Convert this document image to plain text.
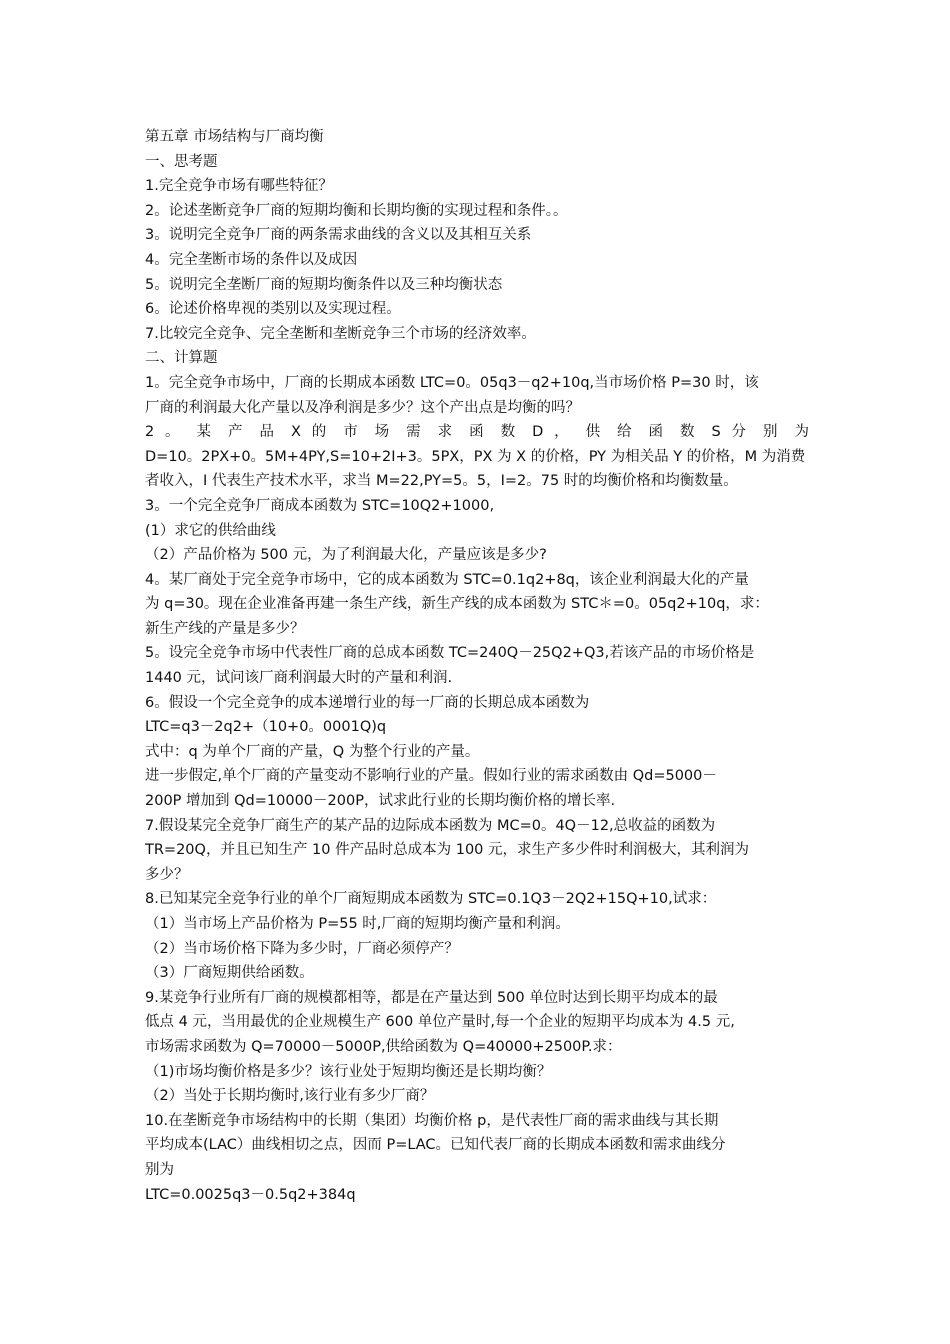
第五章 市场结构与厂商均衡
一、思考题
1.完全竞争市场有哪些特征？
2。论述垄断竞争厂商的短期均衡和长期均衡的实现过程和条件。。
3。说明完全竞争厂商的两条需求曲线的含义以及其相互关系
4。完全垄断市场的条件以及成因
5。说明完全垄断厂商的短期均衡条件以及三种均衡状态
6。论述价格卑视的类别以及实现过程。
7.比较完全竞争、完全垄断和垄断竞争三个市场的经济效率。
二、计算题
1。完全竞争市场中，厂商的长期成本函数 LTC=0。05q3－q2+10q,当市场价格 P=30 时，该
厂商的利润最大化产量以及净利润是多少？这个产出点是均衡的吗？
2 。 某 产 品 X 的 市 场 需 求 函 数 D ， 供 给 函 数 S 分 别 为
D=10。2PX+0。5M+4PY,S=10+2I+3。5PX，PX 为 X 的价格，PY 为相关品 Y 的价格，M 为消费
者收入，I 代表生产技术水平，求当 M=22,PY=5。5，I=2。75 时的均衡价格和均衡数量。
3。一个完全竞争厂商成本函数为 STC=10Q2+1000,
(1）求它的供给曲线
（2）产品价格为 500 元，为了利润最大化，产量应该是多少?
4。某厂商处于完全竞争市场中，它的成本函数为 STC=0.1q2+8q，该企业利润最大化的产量
为 q=30。现在企业准备再建一条生产线，新生产线的成本函数为 STC＊=0。05q2+10q，求：
新生产线的产量是多少？
5。设完全竞争市场中代表性厂商的总成本函数 TC=240Q－25Q2+Q3,若该产品的市场价格是
1440 元，试问该厂商利润最大时的产量和利润.
6。假设一个完全竞争的成本递增行业的每一厂商的长期总成本函数为
LTC=q3－2q2+（10+0。0001Q)q
式中：q 为单个厂商的产量，Q 为整个行业的产量。
进一步假定,单个厂商的产量变动不影响行业的产量。假如行业的需求函数由 Qd=5000－
200P 增加到 Qd=10000－200P，试求此行业的长期均衡价格的增长率.
7.假设某完全竞争厂商生产的某产品的边际成本函数为 MC=0。4Q－12,总收益的函数为
TR=20Q，并且已知生产 10 件产品时总成本为 100 元，求生产多少件时利润极大，其利润为
多少？
8.已知某完全竞争行业的单个厂商短期成本函数为 STC=0.1Q3－2Q2+15Q+10,试求：
（1）当市场上产品价格为 P=55 时,厂商的短期均衡产量和利润。
（2）当市场价格下降为多少时，厂商必须停产？
（3）厂商短期供给函数。
9.某竞争行业所有厂商的规模都相等，都是在产量达到 500 单位时达到长期平均成本的最
低点 4 元，当用最优的企业规模生产 600 单位产量时,每一个企业的短期平均成本为 4.5 元,
市场需求函数为 Q=70000－5000P,供给函数为 Q=40000+2500P.求：
（1)市场均衡价格是多少？该行业处于短期均衡还是长期均衡？
（2）当处于长期均衡时,该行业有多少厂商？
10.在垄断竞争市场结构中的长期（集团）均衡价格 p，是代表性厂商的需求曲线与其长期
平均成本(LAC）曲线相切之点，因而 P=LAC。已知代表厂商的长期成本函数和需求曲线分
别为
LTC=0.0025q3－0.5q2+384q
